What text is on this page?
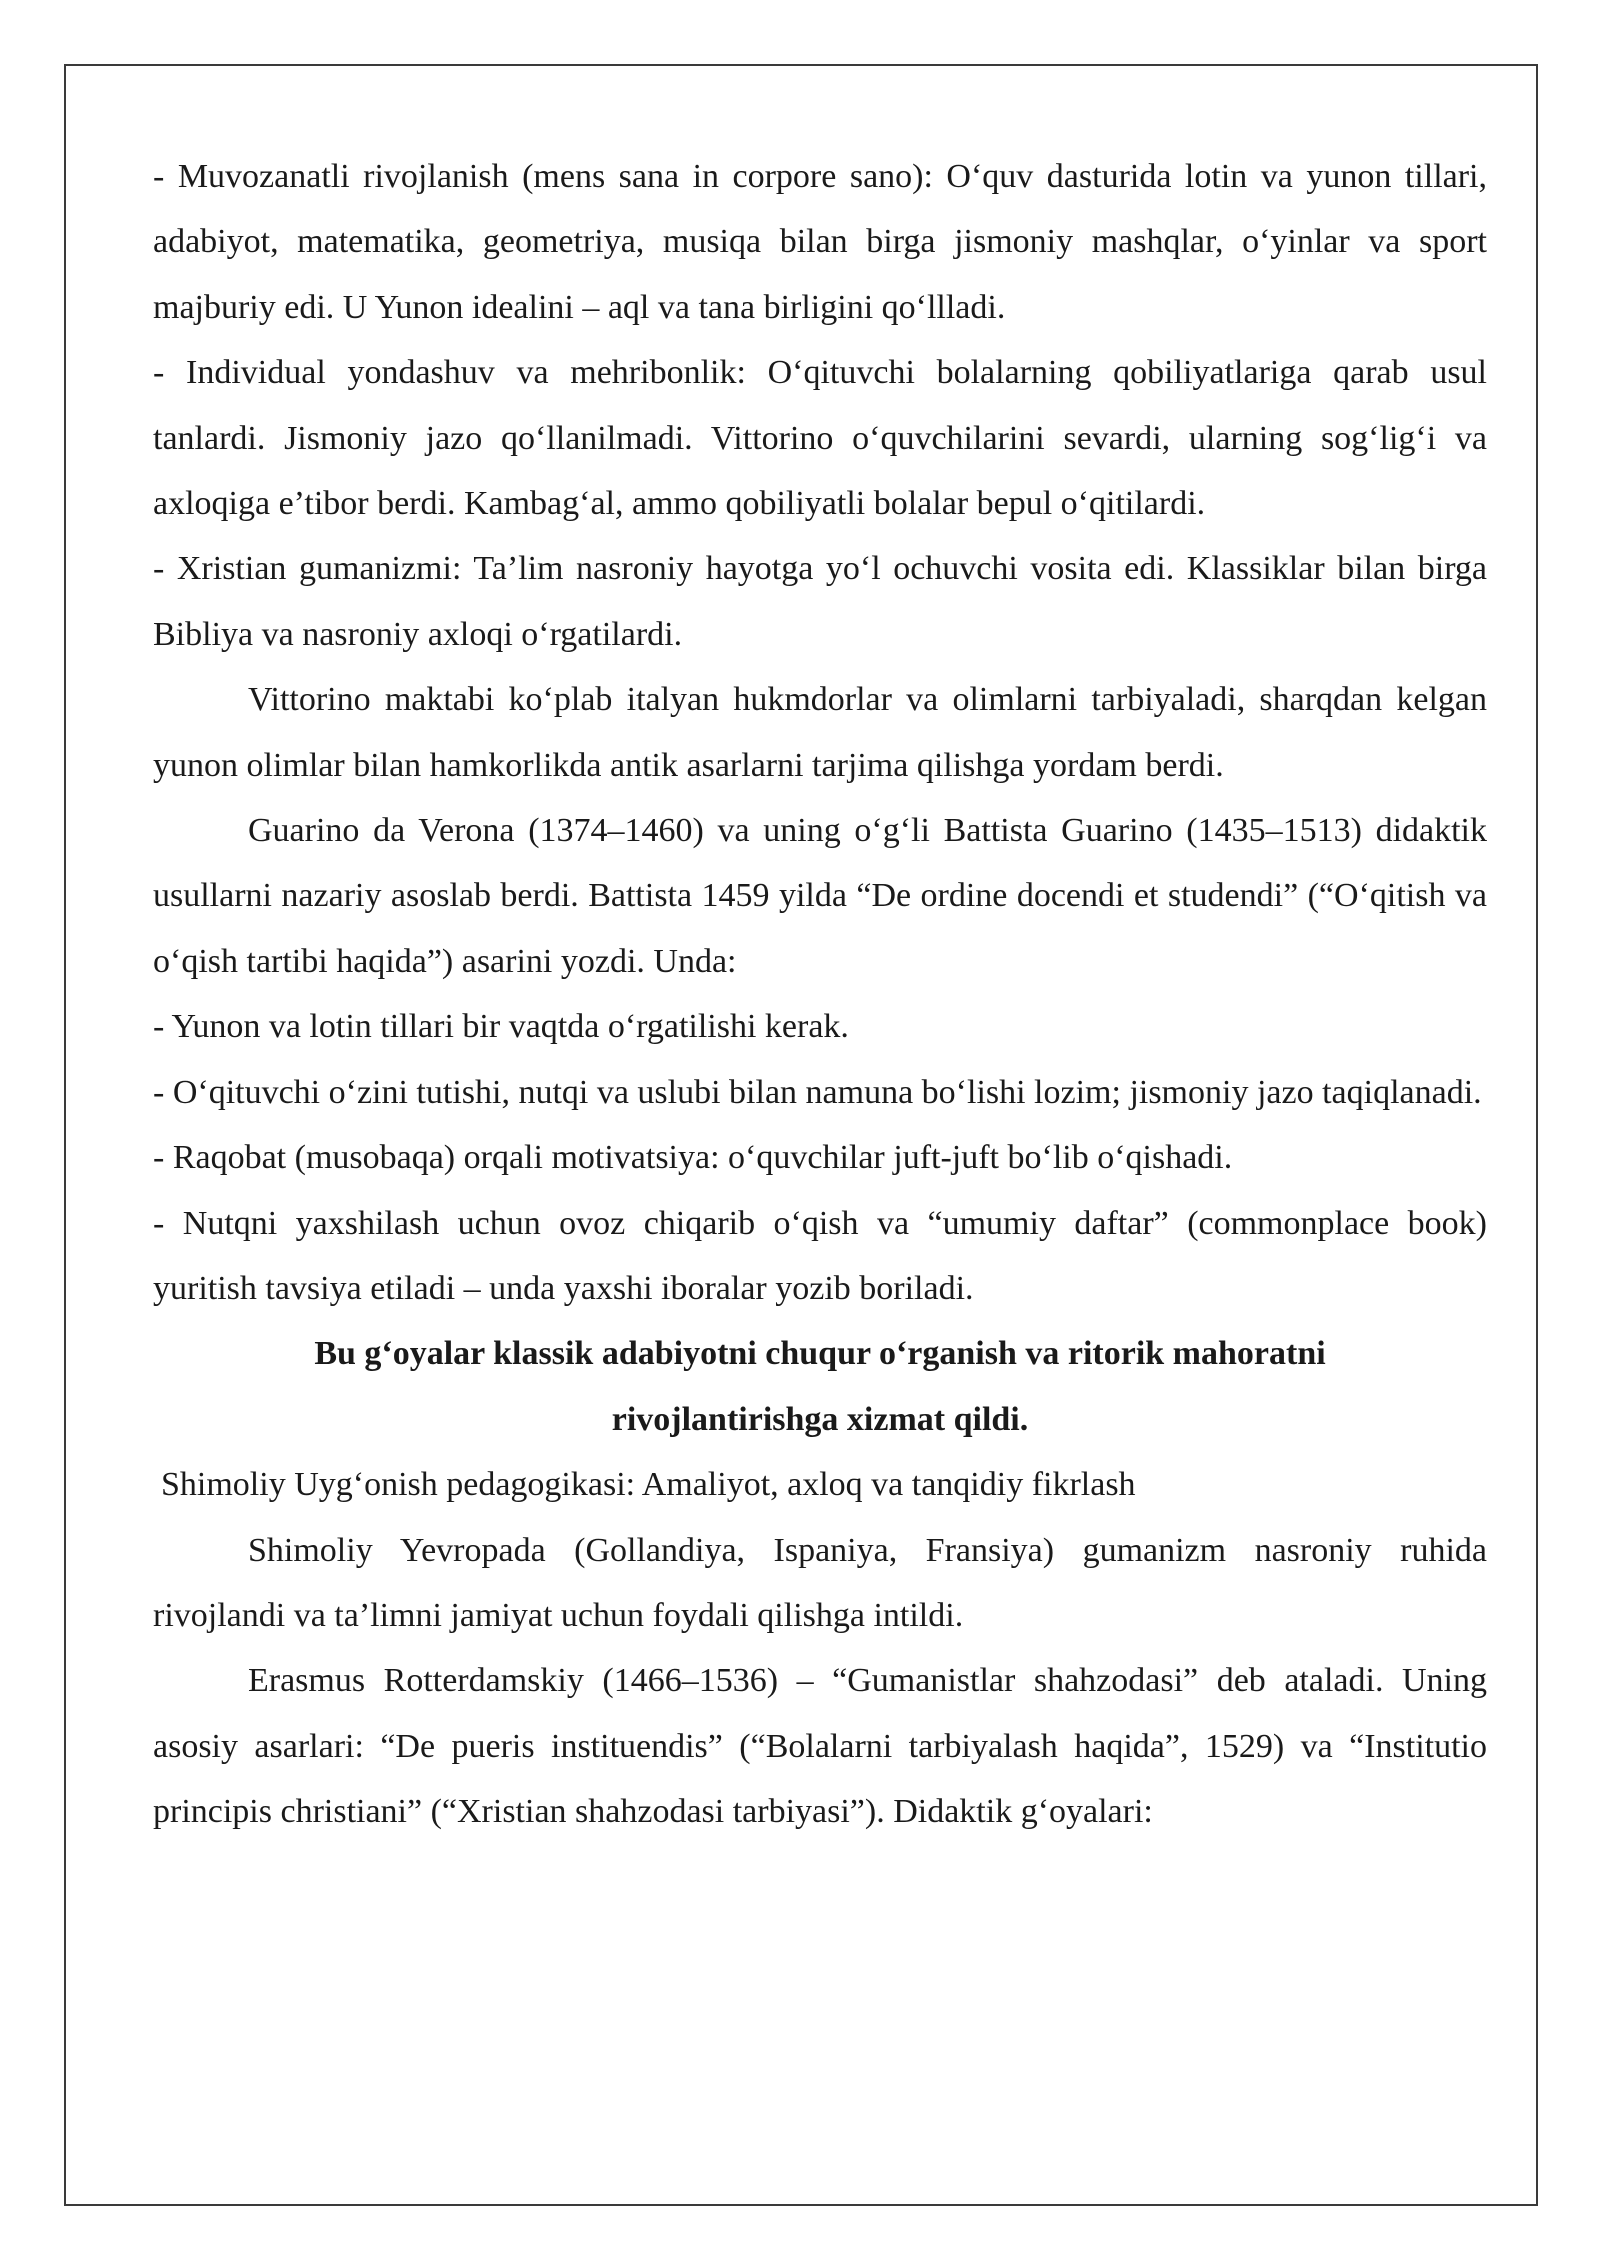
- Muvozanatli rivojlanish (mens sana in corpore sano): O‘quv dasturida lotin va yunon tillari, adabiyot, matematika, geometriya, musiqa bilan birga jismoniy mashqlar, o‘yinlar va sport majburiy edi. U Yunon idealini – aql va tana birligini qo‘llladi.

- Individual yondashuv va mehribonlik: O‘qituvchi bolalarning qobiliyatlariga qarab usul tanlardi. Jismoniy jazo qo‘llanilmadi. Vittorino o‘quvchilarini sevardi, ularning sog‘lig‘i va axloqiga e’tibor berdi. Kambag‘al, ammo qobiliyatli bolalar bepul o‘qitilardi.

- Xristian gumanizmi: Ta’lim nasroniy hayotga yo‘l ochuvchi vosita edi. Klassiklar bilan birga Bibliya va nasroniy axloqi o‘rgatilardi.

Vittorino maktabi ko‘plab italyan hukmdorlar va olimlarni tarbiyaladi, sharqdan kelgan yunon olimlar bilan hamkorlikda antik asarlarni tarjima qilishga yordam berdi.

Guarino da Verona (1374–1460) va uning o‘g‘li Battista Guarino (1435–1513) didaktik usullarni nazariy asoslab berdi. Battista 1459 yilda “De ordine docendi et studendi” (“O‘qitish va o‘qish tartibi haqida”) asarini yozdi. Unda:

- Yunon va lotin tillari bir vaqtda o‘rgatilishi kerak.

- O‘qituvchi o‘zini tutishi, nutqi va uslubi bilan namuna bo‘lishi lozim; jismoniy jazo taqiqlanadi.

- Raqobat (musobaqa) orqali motivatsiya: o‘quvchilar juft-juft bo‘lib o‘qishadi.

- Nutqni yaxshilash uchun ovoz chiqarib o‘qish va “umumiy daftar” (commonplace book) yuritish tavsiya etiladi – unda yaxshi iboralar yozib boriladi.

Bu g‘oyalar klassik adabiyotni chuqur o‘rganish va ritorik mahoratni rivojlantirishga xizmat qildi.

Shimoliy Uyg‘onish pedagogikasi: Amaliyot, axloq va tanqidiy fikrlash

Shimoliy Yevropada (Gollandiya, Ispaniya, Fransiya) gumanizm nasroniy ruhida rivojlandi va ta’limni jamiyat uchun foydali qilishga intildi.

Erasmus Rotterdamskiy (1466–1536) – “Gumanistlar shahzodasi” deb ataladi. Uning asosiy asarlari: “De pueris instituendis” (“Bolalarni tarbiyalash haqida”, 1529) va “Institutio principis christiani” (“Xristian shahzodasi tarbiyasi”). Didaktik g‘oyalari:
